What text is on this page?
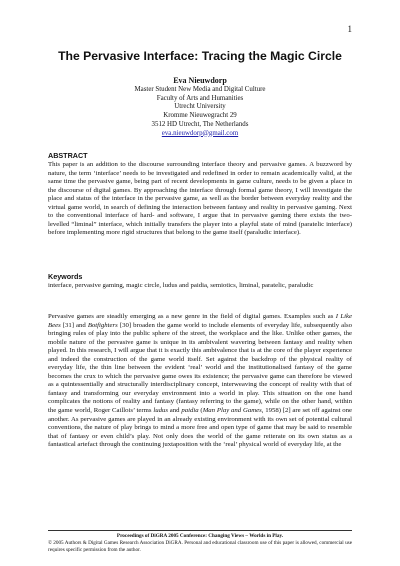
1
The Pervasive Interface: Tracing the Magic Circle
Eva Nieuwdorp
Master Student New Media and Digital Culture
Faculty of Arts and Humanities
Utrecht University
Kromme Nieuwegracht 29
3512 HD Utrecht, The Netherlands
eva.nieuwdorp@gmail.com
ABSTRACT
This paper is an addition to the discourse surrounding interface theory and pervasive games. A buzzword by nature, the term ‘interface’ needs to be investigated and redefined in order to remain academically valid, at the same time the pervasive game, being part of recent developments in game culture, needs to be given a place in the discourse of digital games. By approaching the interface through formal game theory, I will investigate the place and status of the interface in the pervasive game, as well as the border between everyday reality and the virtual game world, in search of defining the interaction between fantasy and reality in pervasive gaming. Next to the conventional interface of hard- and software, I argue that in pervasive gaming there exists the two-levelled “liminal” interface, which initially transfers the player into a playful state of mind (paratelic interface) before implementing more rigid structures that belong to the game itself (paraludic interface).
Keywords
interface, pervasive gaming, magic circle, ludus and paidia, semiotics, liminal, paratelic, paraludic
Pervasive games are steadily emerging as a new genre in the field of digital games. Examples such as I Like Bees [31] and Botfighters [30] broaden the game world to include elements of everyday life, subsequently also bringing rules of play into the public sphere of the street, the workplace and the like. Unlike other games, the mobile nature of the pervasive game is unique in its ambivalent wavering between fantasy and reality when played. In this research, I will argue that it is exactly this ambivalence that is at the core of the player experience and indeed the construction of the game world itself. Set against the backdrop of the physical reality of everyday life, the thin line between the evident ‘real’ world and the institutionalised fantasy of the game becomes the crux to which the pervasive game owes its existence; the pervasive game can therefore be viewed as a quintessentially and structurally interdisciplinary concept, interweaving the concept of reality with that of fantasy and transforming our everyday environment into a world in play. This situation on the one hand complicates the notions of reality and fantasy (fantasy referring to the game), while on the other hand, within the game world, Roger Caillois’ terms ludus and paidia (Man Play and Games, 1958) [2] are set off against one another. As pervasive games are played in an already existing environment with its own set of potential cultural conventions, the nature of play brings to mind a more free and open type of game that may be said to resemble that of fantasy or even child’s play. Not only does the world of the game reiterate on its own status as a fantastical artefact through the continuing juxtaposition with the ‘real’ physical world of everyday life, at the
Proceedings of DiGRA 2005 Conference: Changing Views – Worlds in Play.
© 2005 Authors & Digital Games Research Association DiGRA. Personal and educational classroom use of this paper is allowed, commercial use requires specific permission from the author.
